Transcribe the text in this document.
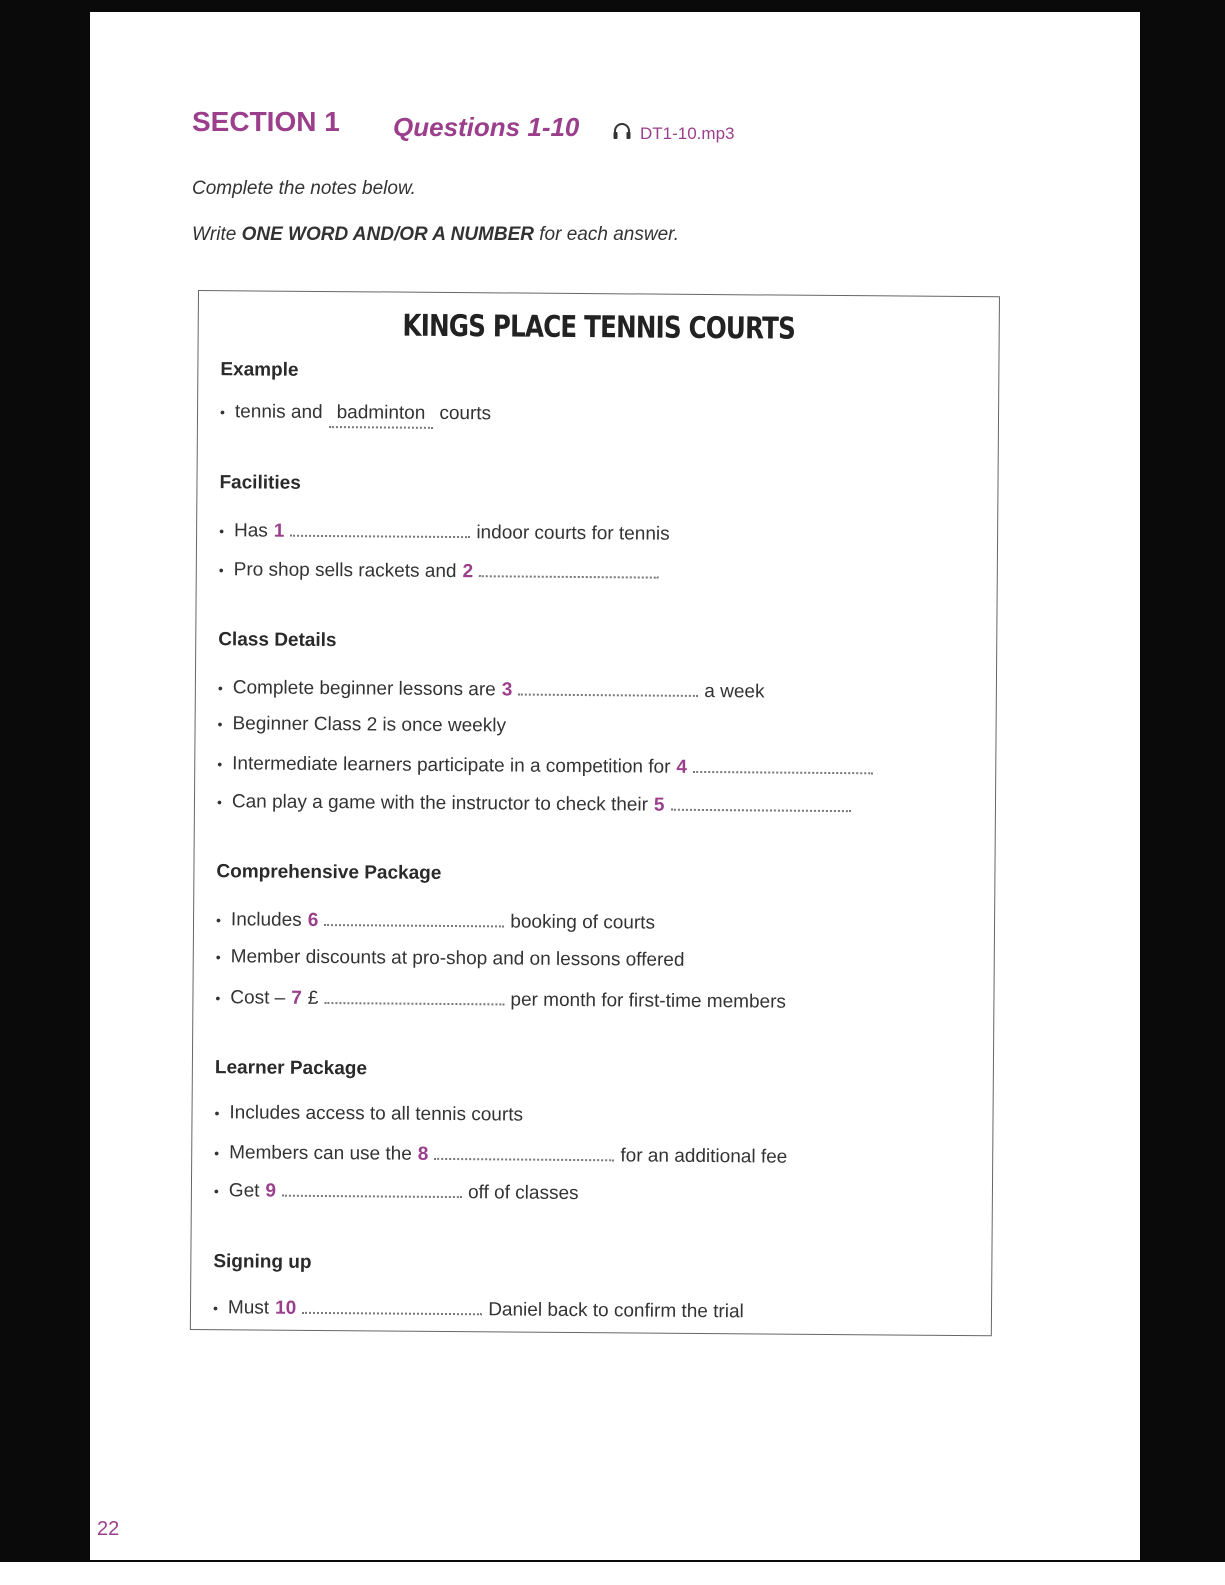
SECTION 1 Questions 1-10	DT1-10.mp3
Complete the notes below.
Write ONE WORD AND/OR A NUMBER for each answer.
KINGS PLACE TENNIS COURTS
Example
• tennis and badminton courts
Facilities
• Has 1	indoor courts for tennis
• Pro shop sells rackets and 2
Class Details
• Complete beginner lessons are 3	a week
• Beginner Class 2 is once weekly
• Intermediate learners participate in a competition for 4
• Can play a game with the instructor to check their 5
Comprehensive Package
• Includes 6	booking of courts
• Member discounts at pro-shop and on lessons offered
• Cost – 7 £	per month for first-time members
Learner Package
• Includes access to all tennis courts
• Members can use the 8	for an additional fee
• Get 9	off of classes
Signing up
• Must 10	Daniel back to confirm the trial
22
